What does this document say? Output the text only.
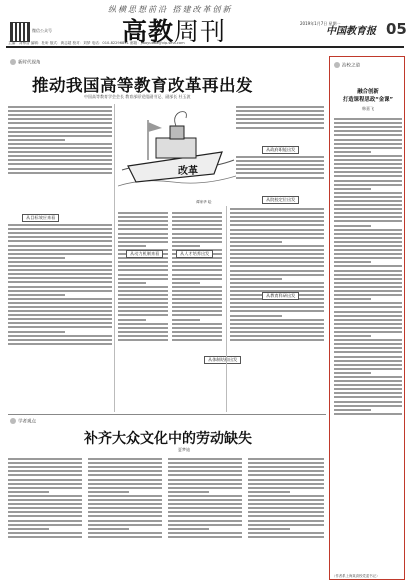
纵横思想前沿 搭建改革创新
高教周刊
微信公众号
2019年1月7日 星期一
中国教育报 05
主编：刘博智 编辑：杜昕 版式：黄志超 校对：刘梦 电话：010-82296831 邮箱：jiaoyubao@vip.sina.com
新时代视角
推动我国高等教育改革再出发
中国高等教育学会会长 教育部原党组副书记、副部长 杜玉波
从目标效应来看
改革
谭家华 绘
从政府职能出发
从院校定位出发
从动力机制来看	从人才培养出发
从体制结构出发
从教育科研出发
学者观点
补齐大众文化中的劳动缺失
夏梦迪
治校之道
融合创新
打造课程思政“金课”
韩嘉飞
（作者系上海某高校党委书记）
